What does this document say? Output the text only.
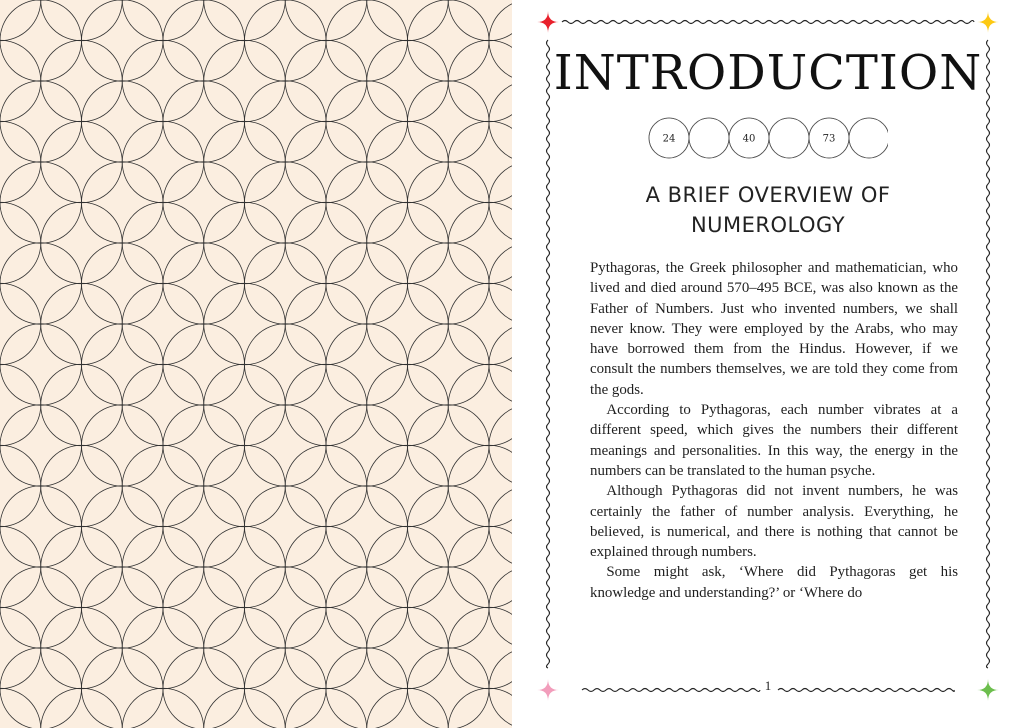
INTRODUCTION
24	40	73
A BRIEF OVERVIEW OF
NUMEROLOGY

Pythagoras, the Greek philosopher and mathematician, who lived and died around 570–495 BCE, was also known as the Father of Numbers. Just who invented numbers, we shall never know. They were employed by the Arabs, who may have borrowed them from the Hindus. However, if we consult the numbers themselves, we are told they come from the gods.

According to Pythagoras, each number vibrates at a different speed, which gives the numbers their different meanings and personalities. In this way, the energy in the numbers can be translated to the human psyche.

Although Pythagoras did not invent numbers, he was certainly the father of number analysis. Everything, he believed, is numerical, and there is nothing that cannot be explained through numbers.

Some might ask, ‘Where did Pythagoras get his knowledge and understanding?’ or ‘Where do

1
